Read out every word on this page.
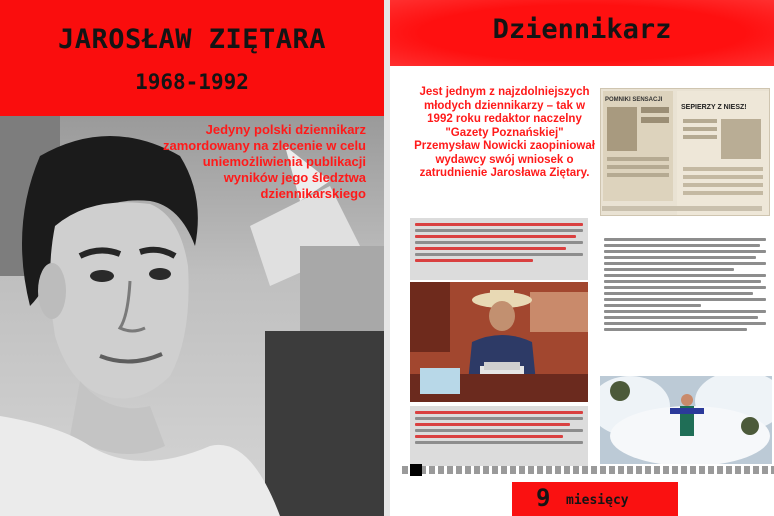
JAROSŁAW ZIĘTARA
1968-1992
Jedyny polski dziennikarz zamordowany na zlecenie w celu uniemożliwienia publikacji wyników jego śledztwa dziennikarskiego
Dziennikarz
Jest jednym z najzdolniejszych młodych dziennikarzy – tak w 1992 roku redaktor naczelny "Gazety Poznańskiej" Przemysław Nowicki zaopiniował wydawcy swój wniosek o zatrudnienie Jarosława Ziętary.
POMNIKI SENSACJI
SEPIERZY Z NIESZ!
9 miesięcy
